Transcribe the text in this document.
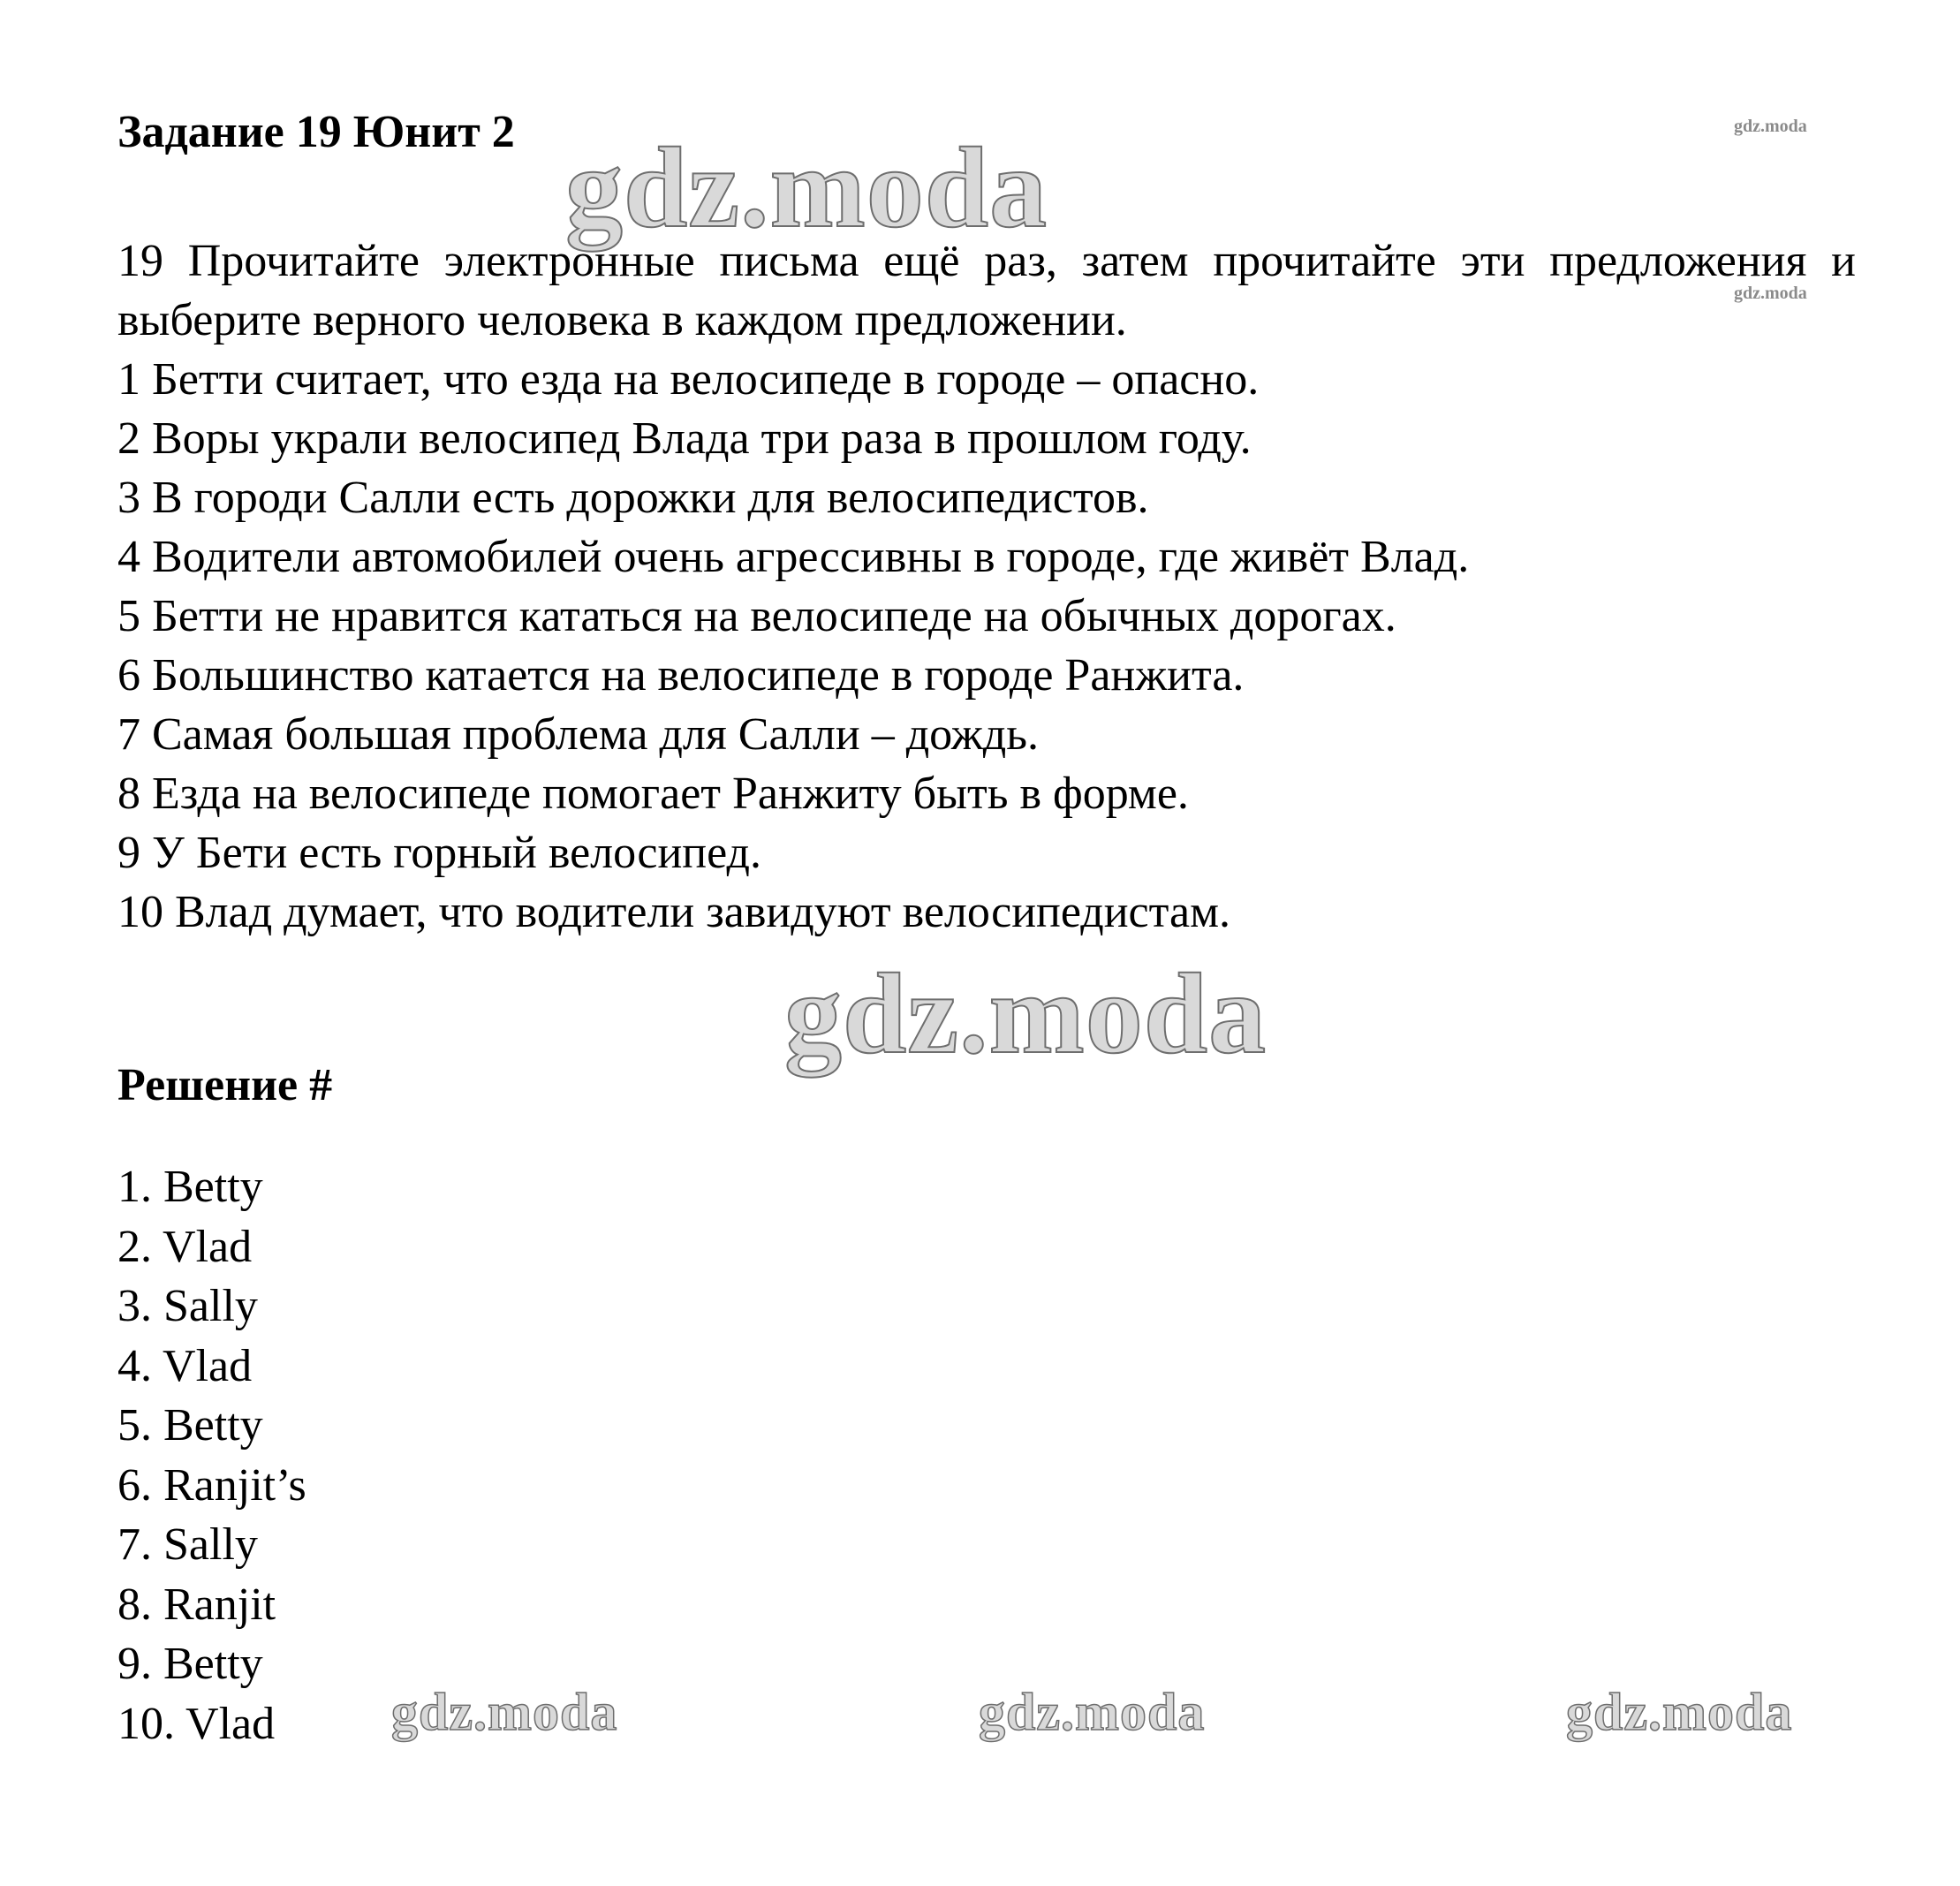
Задание 19 Юнит 2	gdz.moda
gdz.moda
gdz.moda

19 Прочитайте электронные письма ещё раз, затем прочитайте эти предложения и выберите верного человека в каждом предложении.

1 Бетти считает, что езда на велосипеде в городе – опасно.

2 Воры украли велосипед Влада три раза в прошлом году.

3 В городи Салли есть дорожки для велосипедистов.

4 Водители автомобилей очень агрессивны в городе, где живёт Влад.

5 Бетти не нравится кататься на велосипеде на обычных дорогах.

6 Большинство катается на велосипеде в городе Ранжита.

7 Самая большая проблема для Салли – дождь.

8 Езда на велосипеде помогает Ранжиту быть в форме.

9 У Бети есть горный велосипед.

10 Влад думает, что водители завидуют велосипедистам.

gdz.moda
Решение #

1. Betty

2. Vlad

3. Sally

4. Vlad

5. Betty

6. Ranjit’s

7. Sally

8. Ranjit

9. Betty

10. Vlad	gdz.moda	gdz.moda	gdz.moda
